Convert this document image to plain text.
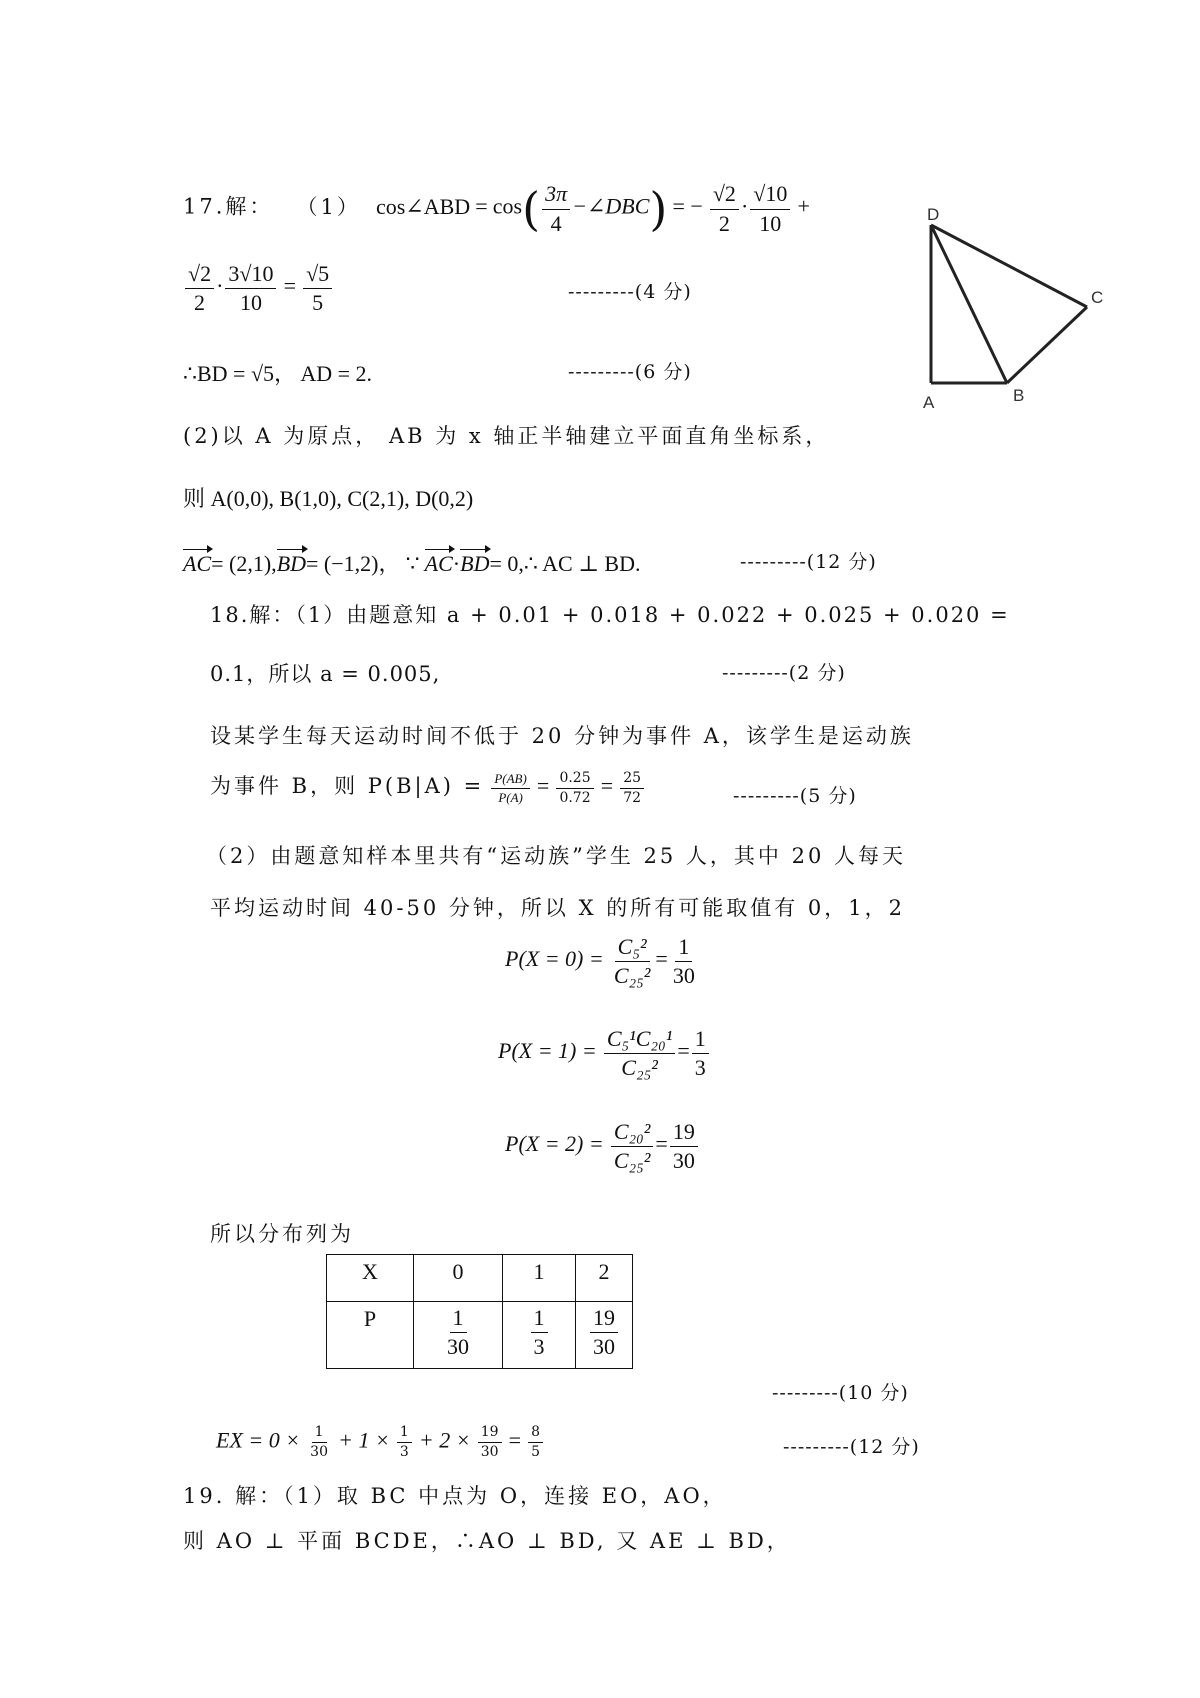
17.解： （1） cos∠ABD = $\cos( \frac{3\pi}{4}$ −∠DBC) = − $\frac{√2}{2} \cdot \frac{√10}{10}$ +
$\frac{√2}{2} \cdot \frac{3√10}{10} = \frac{√5}{5}$	---------(4 分)
∴BD = √5， AD = 2.	---------(6 分)
(2)以 A 为原点， AB 为 x 轴正半轴建立平面直角坐标系，
则 A(0,0), B(1,0), C(2,1), D(0,2)
AC= (2,1),BD= (−1,2)， ∵ AC·BD= 0,∴ AC ⊥ BD.	---------(12 分)
D
C
A	B
18.解：（1）由题意知 a + 0.01 + 0.018 + 0.022 + 0.025 + 0.020 =
0.1，所以 a = 0.005,	---------(2 分)
设某学生每天运动时间不低于 20 分钟为事件 A，该学生是运动族
为事件 B，则 $P(B|A) = \frac{P(AB)}{P(A)} = \frac{0.25}{0.72} = \frac{25}{72}$	---------(5 分)
（2）由题意知样本里共有“运动族”学生 25 人，其中 20 人每天
平均运动时间 40-50 分钟，所以 X 的所有可能取值有 0，1，2
$P(X = 0) = \frac{\text{C₅²}}{\text{C₂₅²}} = \frac{1}{30}$
$P(X = 1) = \frac{\text{C₅¹C₂₀¹}}{\text{C₂₅²}} = \frac{1}{3}$
$P(X = 2) = \frac{\text{C₂₀²}}{\text{C₂₅²}} = \frac{19}{30}$
所以分布列为
X	0	1	2
P	$\frac{1}{30}$	$\frac{1}{3}$	$\frac{19}{30}$
---------(10 分)
EX = $0 \times \frac{1}{30} + 1 \times \frac{1}{3} + 2 \times \frac{19}{30} = \frac{8}{5}$	---------(12 分)
19. 解：（1）取 BC 中点为 O，连接 EO，AO，
则 AO ⊥ 平面 BCDE，∴AO ⊥ BD, 又 AE ⊥ BD，
